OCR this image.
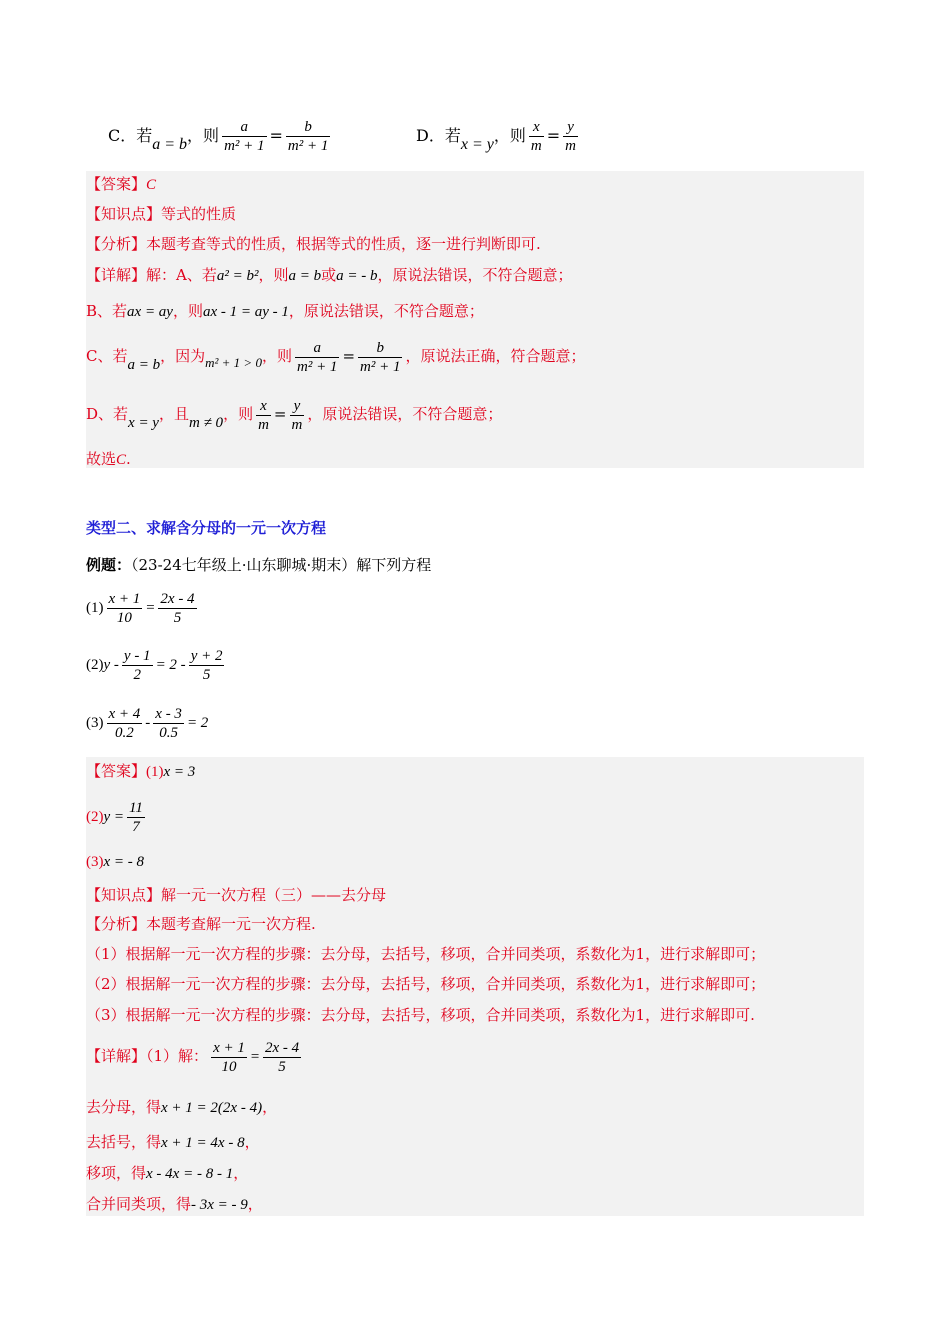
C．若a = b，则 $\frac{a}{\text{m² + 1}} = \frac{b}{\text{m² + 1}}$	D．若x = y，则 $\frac{x}{m} = \frac{y}{m}$
【答案】C
【知识点】等式的性质
【分析】本题考查等式的性质，根据等式的性质，逐一进行判断即可.
【详解】解：A、若a² = b²，则a = b或a = - b，原说法错误，不符合题意；
B、若ax = ay，则ax - 1 = ay - 1，原说法错误，不符合题意；
C、若a = b，因为m² + 1 > 0，则 $\frac{a}{\text{m² + 1}} = \frac{b}{\text{m² + 1}}$ ，原说法正确，符合题意；
D、若x = y，且m ≠ 0，则 $\frac{x}{m} = \frac{y}{m}$ ，原说法错误，不符合题意；
故选C.
类型二、求解含分母的一元一次方程
例题：（23-24七年级上·山东聊城·期末）解下列方程
$(1) \frac{x + 1}{10} = \frac{2x - 4}{5}$
$(2)y - \frac{y - 1}{2} = 2 - \frac{y + 2}{5}$
$(3) \frac{x + 4}{0.2} - \frac{x - 3}{0.5} = 2$
【答案】(1)x = 3
$(2)y = \frac{11}{7}$
(3)x = - 8
【知识点】解一元一次方程（三）——去分母
【分析】本题考查解一元一次方程.
（1）根据解一元一次方程的步骤：去分母，去括号，移项，合并同类项，系数化为1，进行求解即可；
（2）根据解一元一次方程的步骤：去分母，去括号，移项，合并同类项，系数化为1，进行求解即可；
（3）根据解一元一次方程的步骤：去分母，去括号，移项，合并同类项，系数化为1，进行求解即可.
【详解】（1）解： $\frac{x + 1}{10} = \frac{2x - 4}{5}$
去分母，得x + 1 = 2(2x - 4)，
去括号，得x + 1 = 4x - 8，
移项，得x - 4x = - 8 - 1，
合并同类项，得- 3x = - 9，
